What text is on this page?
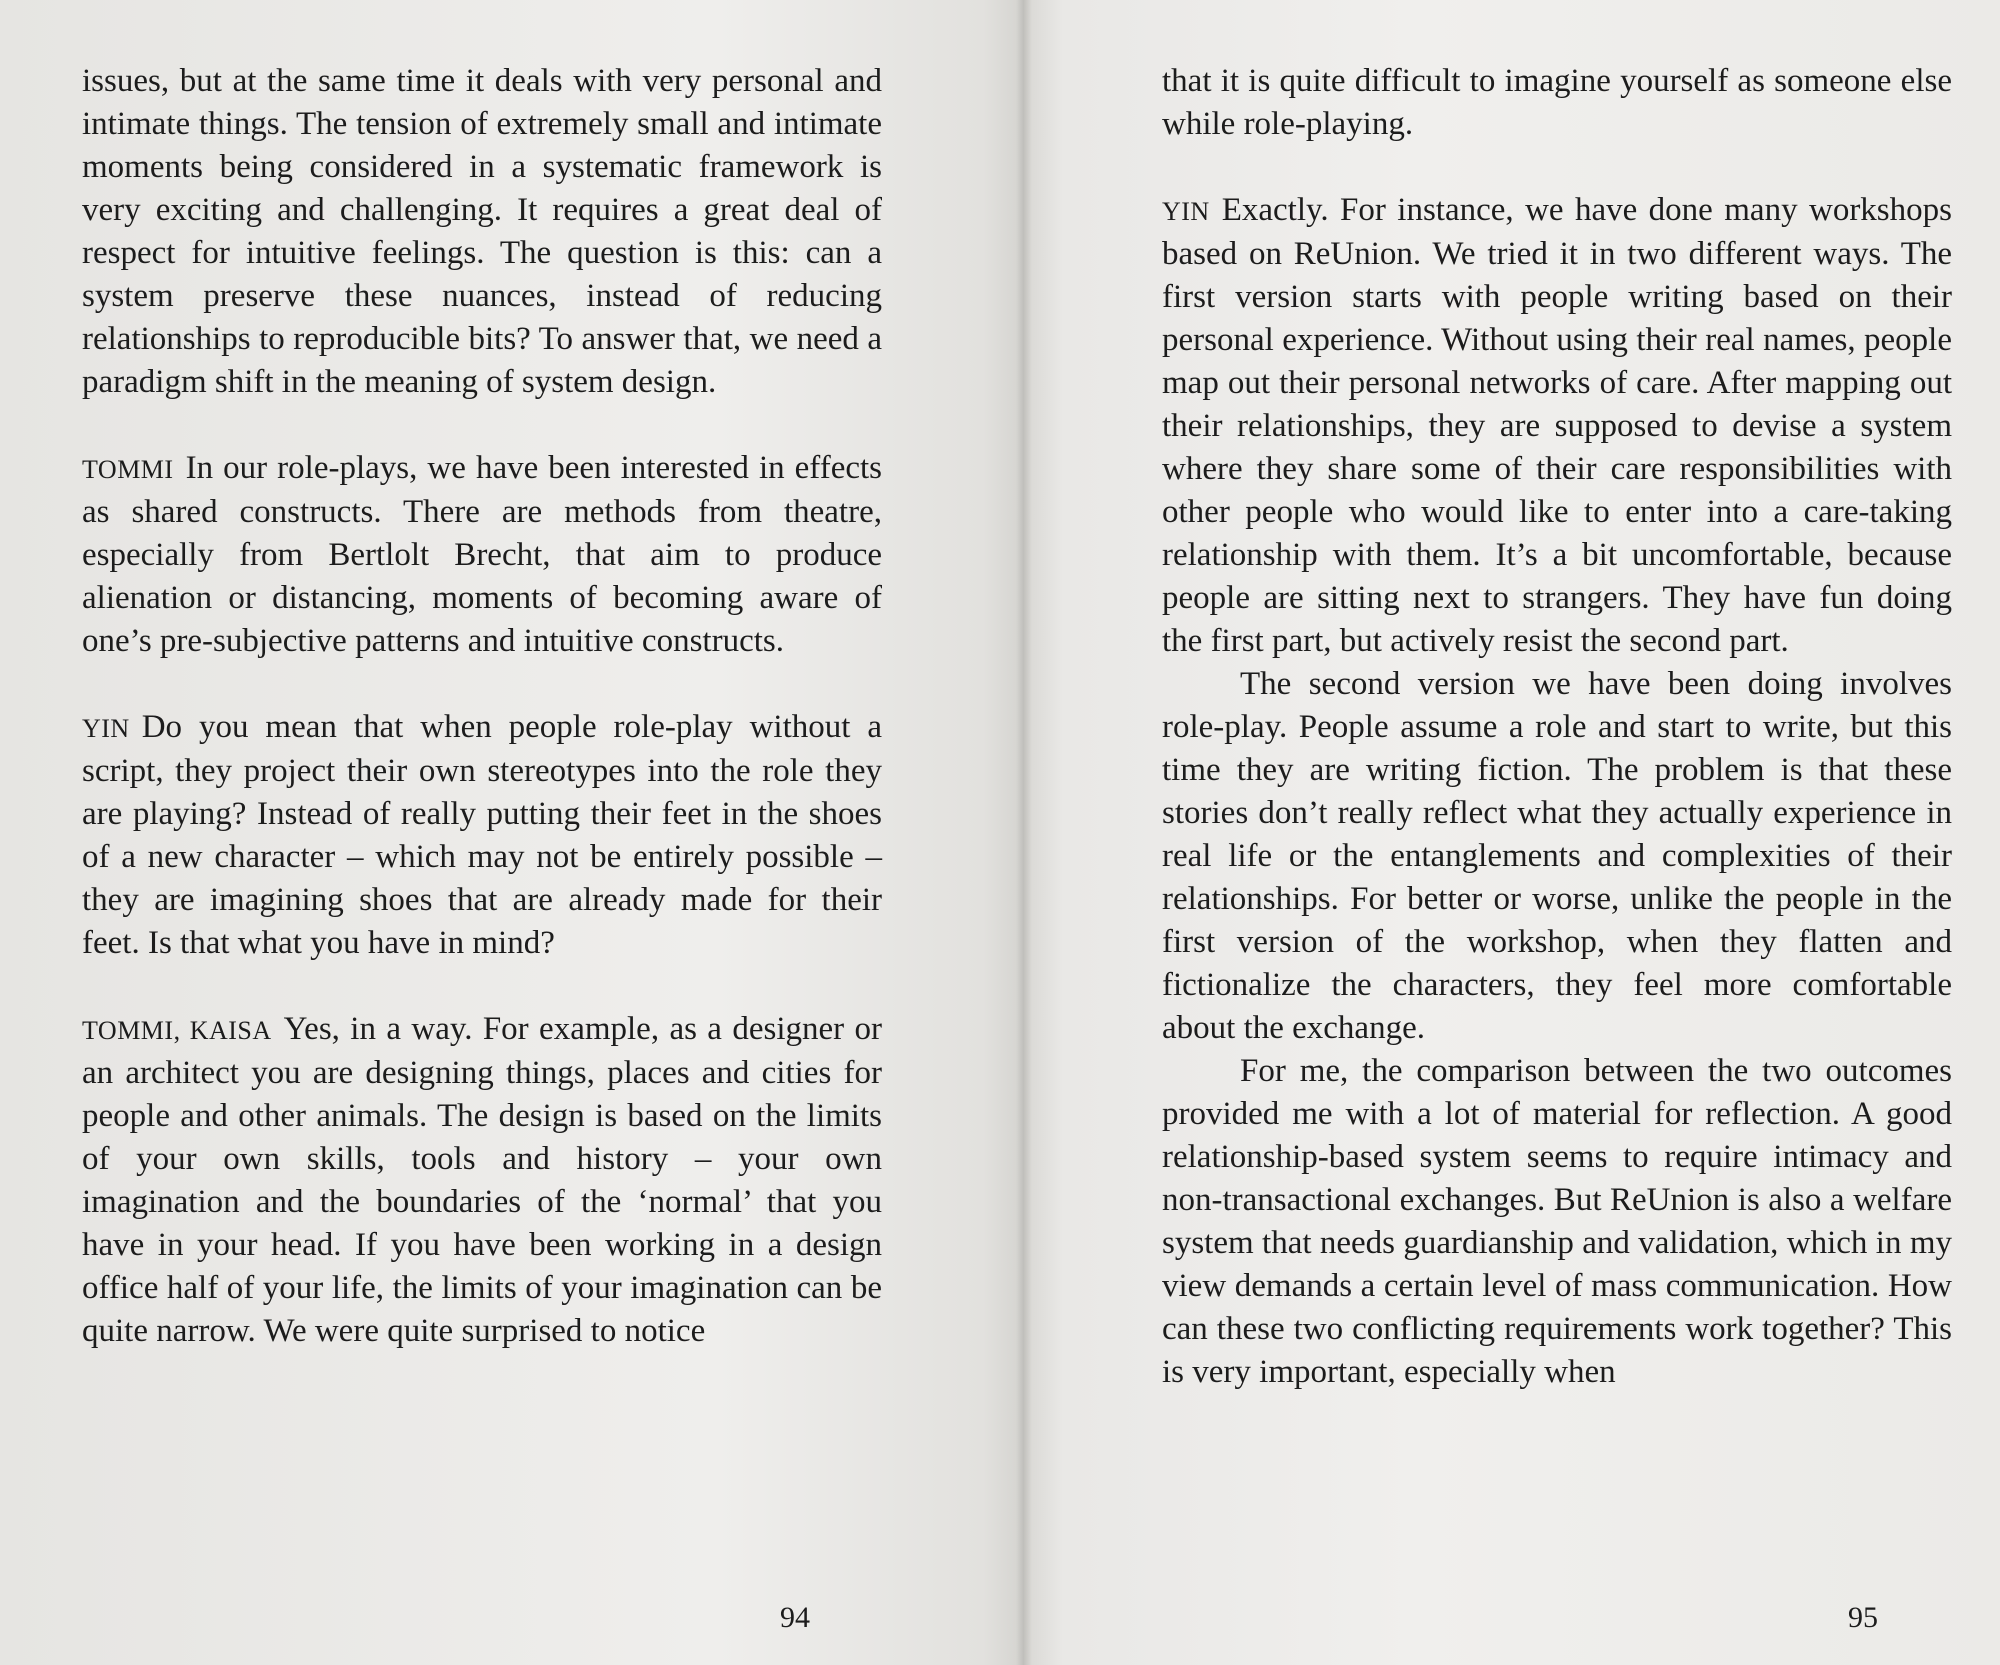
issues, but at the same time it deals with very personal and intimate things. The tension of extremely small and intimate moments being considered in a systematic framework is very exciting and challenging. It requires a great deal of respect for intuitive feelings. The question is this: can a system preserve these nuances, instead of reducing relationships to reproducible bits? To answer that, we need a paradigm shift in the meaning of system design.

TOMMI In our role-plays, we have been interested in effects as shared constructs. There are methods from theatre, especially from Bertlolt Brecht, that aim to produce alienation or distancing, moments of becoming aware of one’s pre-subjective patterns and intuitive constructs.

YIN Do you mean that when people role-play without a script, they project their own stereotypes into the role they are playing? Instead of really putting their feet in the shoes of a new character – which may not be entirely possible – they are imagining shoes that are already made for their feet. Is that what you have in mind?

TOMMI, KAISA Yes, in a way. For example, as a designer or an architect you are designing things, places and cities for people and other animals. The design is based on the limits of your own skills, tools and history – your own imagination and the boundaries of the ‘normal’ that you have in your head. If you have been working in a design office half of your life, the limits of your imagination can be quite narrow. We were quite surprised to notice

94

that it is quite difficult to imagine yourself as someone else while role-playing.

YIN Exactly. For instance, we have done many workshops based on ReUnion. We tried it in two different ways. The first version starts with people writing based on their personal experience. Without using their real names, people map out their personal networks of care. After mapping out their relationships, they are supposed to devise a system where they share some of their care responsibilities with other people who would like to enter into a care-taking relationship with them. It’s a bit uncomfortable, because people are sitting next to strangers. They have fun doing the first part, but actively resist the second part.

The second version we have been doing involves role-play. People assume a role and start to write, but this time they are writing fiction. The problem is that these stories don’t really reflect what they actually experience in real life or the entanglements and complexities of their relationships. For better or worse, unlike the people in the first version of the workshop, when they flatten and fictionalize the characters, they feel more comfortable about the exchange.

For me, the comparison between the two outcomes provided me with a lot of material for reflection. A good relationship-based system seems to require intimacy and non-transactional exchanges. But ReUnion is also a welfare system that needs guardianship and validation, which in my view demands a certain level of mass communication. How can these two conflicting requirements work together? This is very important, especially when

95
